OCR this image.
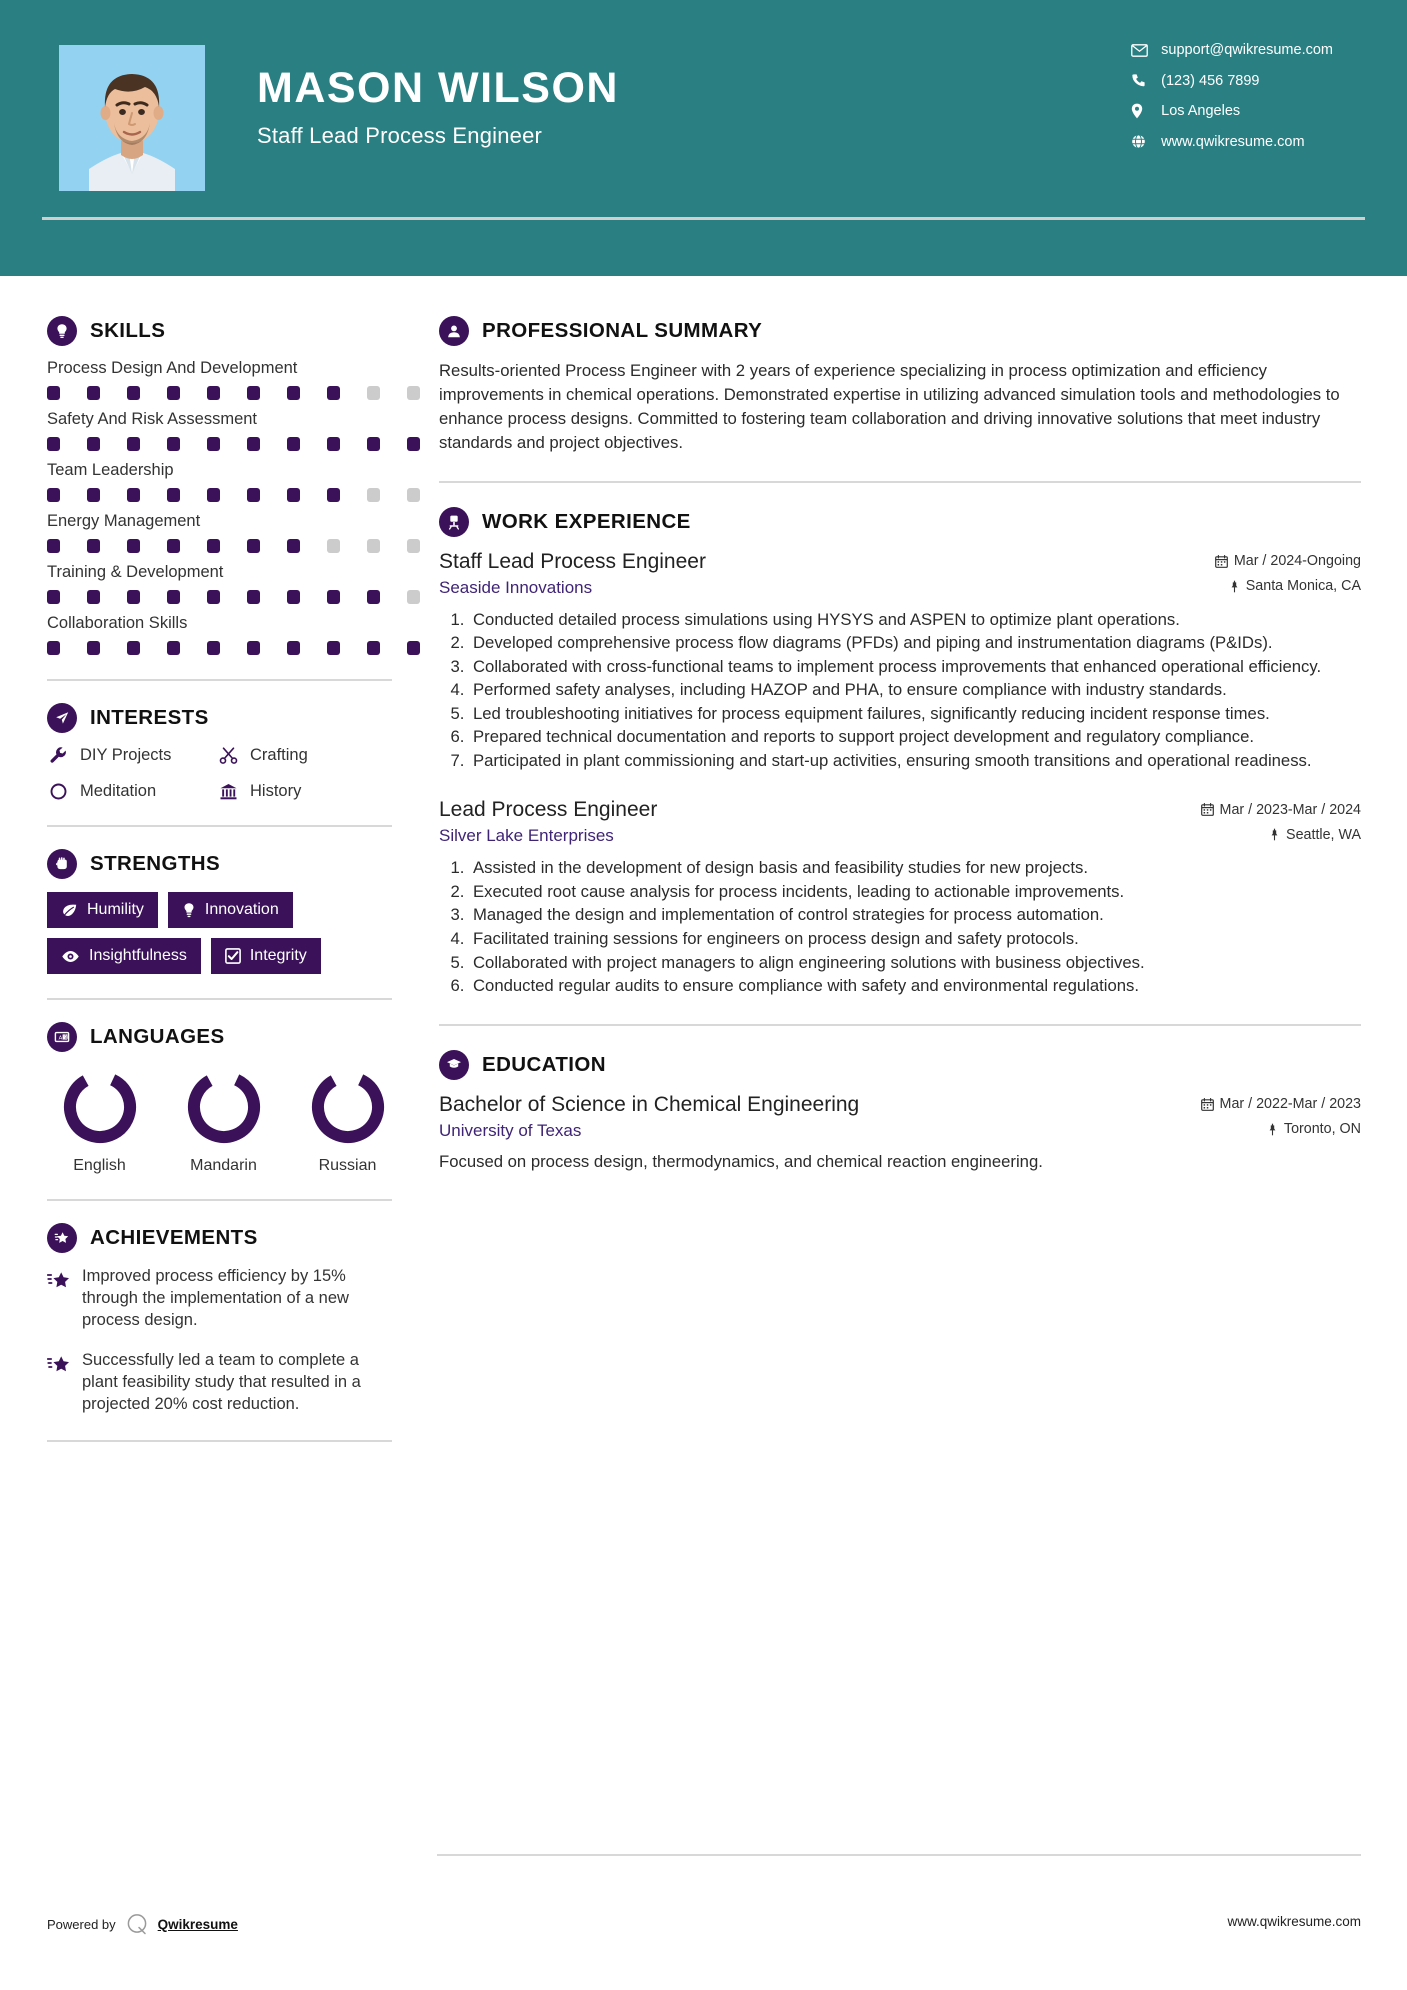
MASON WILSON
Staff Lead Process Engineer
support@qwikresume.com
(123) 456 7899
Los Angeles
www.qwikresume.com
SKILLS
Process Design And Development
Safety And Risk Assessment
Team Leadership
Energy Management
Training & Development
Collaboration Skills
INTERESTS
DIY Projects	Crafting
Meditation	History
STRENGTHS
Humility	Innovation
Insightfulness	Integrity
A 文 LANGUAGES
English	Mandarin	Russian
ACHIEVEMENTS
Improved process efficiency by 15% through the implementation of a new process design.
Successfully led a team to complete a plant feasibility study that resulted in a projected 20% cost reduction.
PROFESSIONAL SUMMARY
Results-oriented Process Engineer with 2 years of experience specializing in process optimization and efficiency improvements in chemical operations. Demonstrated expertise in utilizing advanced simulation tools and methodologies to enhance process designs. Committed to fostering team collaboration and driving innovative solutions that meet industry standards and project objectives.
WORK EXPERIENCE
Staff Lead Process Engineer	Mar / 2024-Ongoing
Seaside Innovations	Santa Monica, CA
1. Conducted detailed process simulations using HYSYS and ASPEN to optimize plant operations.
2. Developed comprehensive process flow diagrams (PFDs) and piping and instrumentation diagrams (P&IDs).
3. Collaborated with cross-functional teams to implement process improvements that enhanced operational efficiency.
4. Performed safety analyses, including HAZOP and PHA, to ensure compliance with industry standards.
5. Led troubleshooting initiatives for process equipment failures, significantly reducing incident response times.
6. Prepared technical documentation and reports to support project development and regulatory compliance.
7. Participated in plant commissioning and start-up activities, ensuring smooth transitions and operational readiness.
Lead Process Engineer	Mar / 2023-Mar / 2024
Silver Lake Enterprises	Seattle, WA
1. Assisted in the development of design basis and feasibility studies for new projects.
2. Executed root cause analysis for process incidents, leading to actionable improvements.
3. Managed the design and implementation of control strategies for process automation.
4. Facilitated training sessions for engineers on process design and safety protocols.
5. Collaborated with project managers to align engineering solutions with business objectives.
6. Conducted regular audits to ensure compliance with safety and environmental regulations.
EDUCATION
Bachelor of Science in Chemical Engineering	Mar / 2022-Mar / 2023
University of Texas	Toronto, ON
Focused on process design, thermodynamics, and chemical reaction engineering.
Powered by	Qwikresume	www.qwikresume.com
